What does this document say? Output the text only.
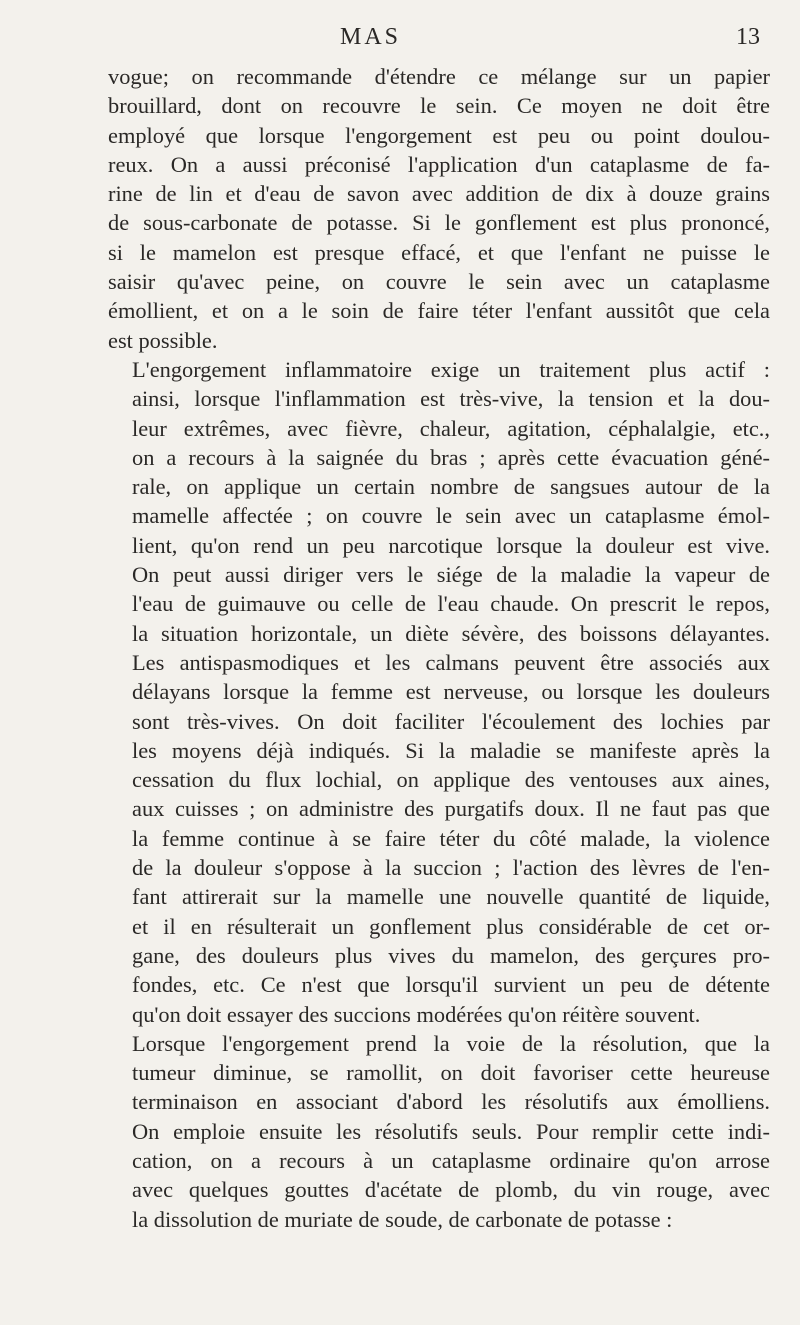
MAS	13

vogue; on recommande d'étendre ce mélange sur un papier
brouillard, dont on recouvre le sein. Ce moyen ne doit être
employé que lorsque l'engorgement est peu ou point doulou-
reux. On a aussi préconisé l'application d'un cataplasme de fa-
rine de lin et d'eau de savon avec addition de dix à douze grains
de sous-carbonate de potasse. Si le gonflement est plus prononcé,
si le mamelon est presque effacé, et que l'enfant ne puisse le
saisir qu'avec peine, on couvre le sein avec un cataplasme
émollient, et on a le soin de faire téter l'enfant aussitôt que cela
est possible.

L'engorgement inflammatoire exige un traitement plus actif :
ainsi, lorsque l'inflammation est très-vive, la tension et la dou-
leur extrêmes, avec fièvre, chaleur, agitation, céphalalgie, etc.,
on a recours à la saignée du bras ; après cette évacuation géné-
rale, on applique un certain nombre de sangsues autour de la
mamelle affectée ; on couvre le sein avec un cataplasme émol-
lient, qu'on rend un peu narcotique lorsque la douleur est vive.
On peut aussi diriger vers le siége de la maladie la vapeur de
l'eau de guimauve ou celle de l'eau chaude. On prescrit le repos,
la situation horizontale, un diète sévère, des boissons délayantes.
Les antispasmodiques et les calmans peuvent être associés aux
délayans lorsque la femme est nerveuse, ou lorsque les douleurs
sont très-vives. On doit faciliter l'écoulement des lochies par
les moyens déjà indiqués. Si la maladie se manifeste après la
cessation du flux lochial, on applique des ventouses aux aines,
aux cuisses ; on administre des purgatifs doux. Il ne faut pas que
la femme continue à se faire téter du côté malade, la violence
de la douleur s'oppose à la succion ; l'action des lèvres de l'en-
fant attirerait sur la mamelle une nouvelle quantité de liquide,
et il en résulterait un gonflement plus considérable de cet or-
gane, des douleurs plus vives du mamelon, des gerçures pro-
fondes, etc. Ce n'est que lorsqu'il survient un peu de détente
qu'on doit essayer des succions modérées qu'on réitère souvent.

Lorsque l'engorgement prend la voie de la résolution, que la
tumeur diminue, se ramollit, on doit favoriser cette heureuse
terminaison en associant d'abord les résolutifs aux émolliens.
On emploie ensuite les résolutifs seuls. Pour remplir cette indi-
cation, on a recours à un cataplasme ordinaire qu'on arrose
avec quelques gouttes d'acétate de plomb, du vin rouge, avec
la dissolution de muriate de soude, de carbonate de potasse :
